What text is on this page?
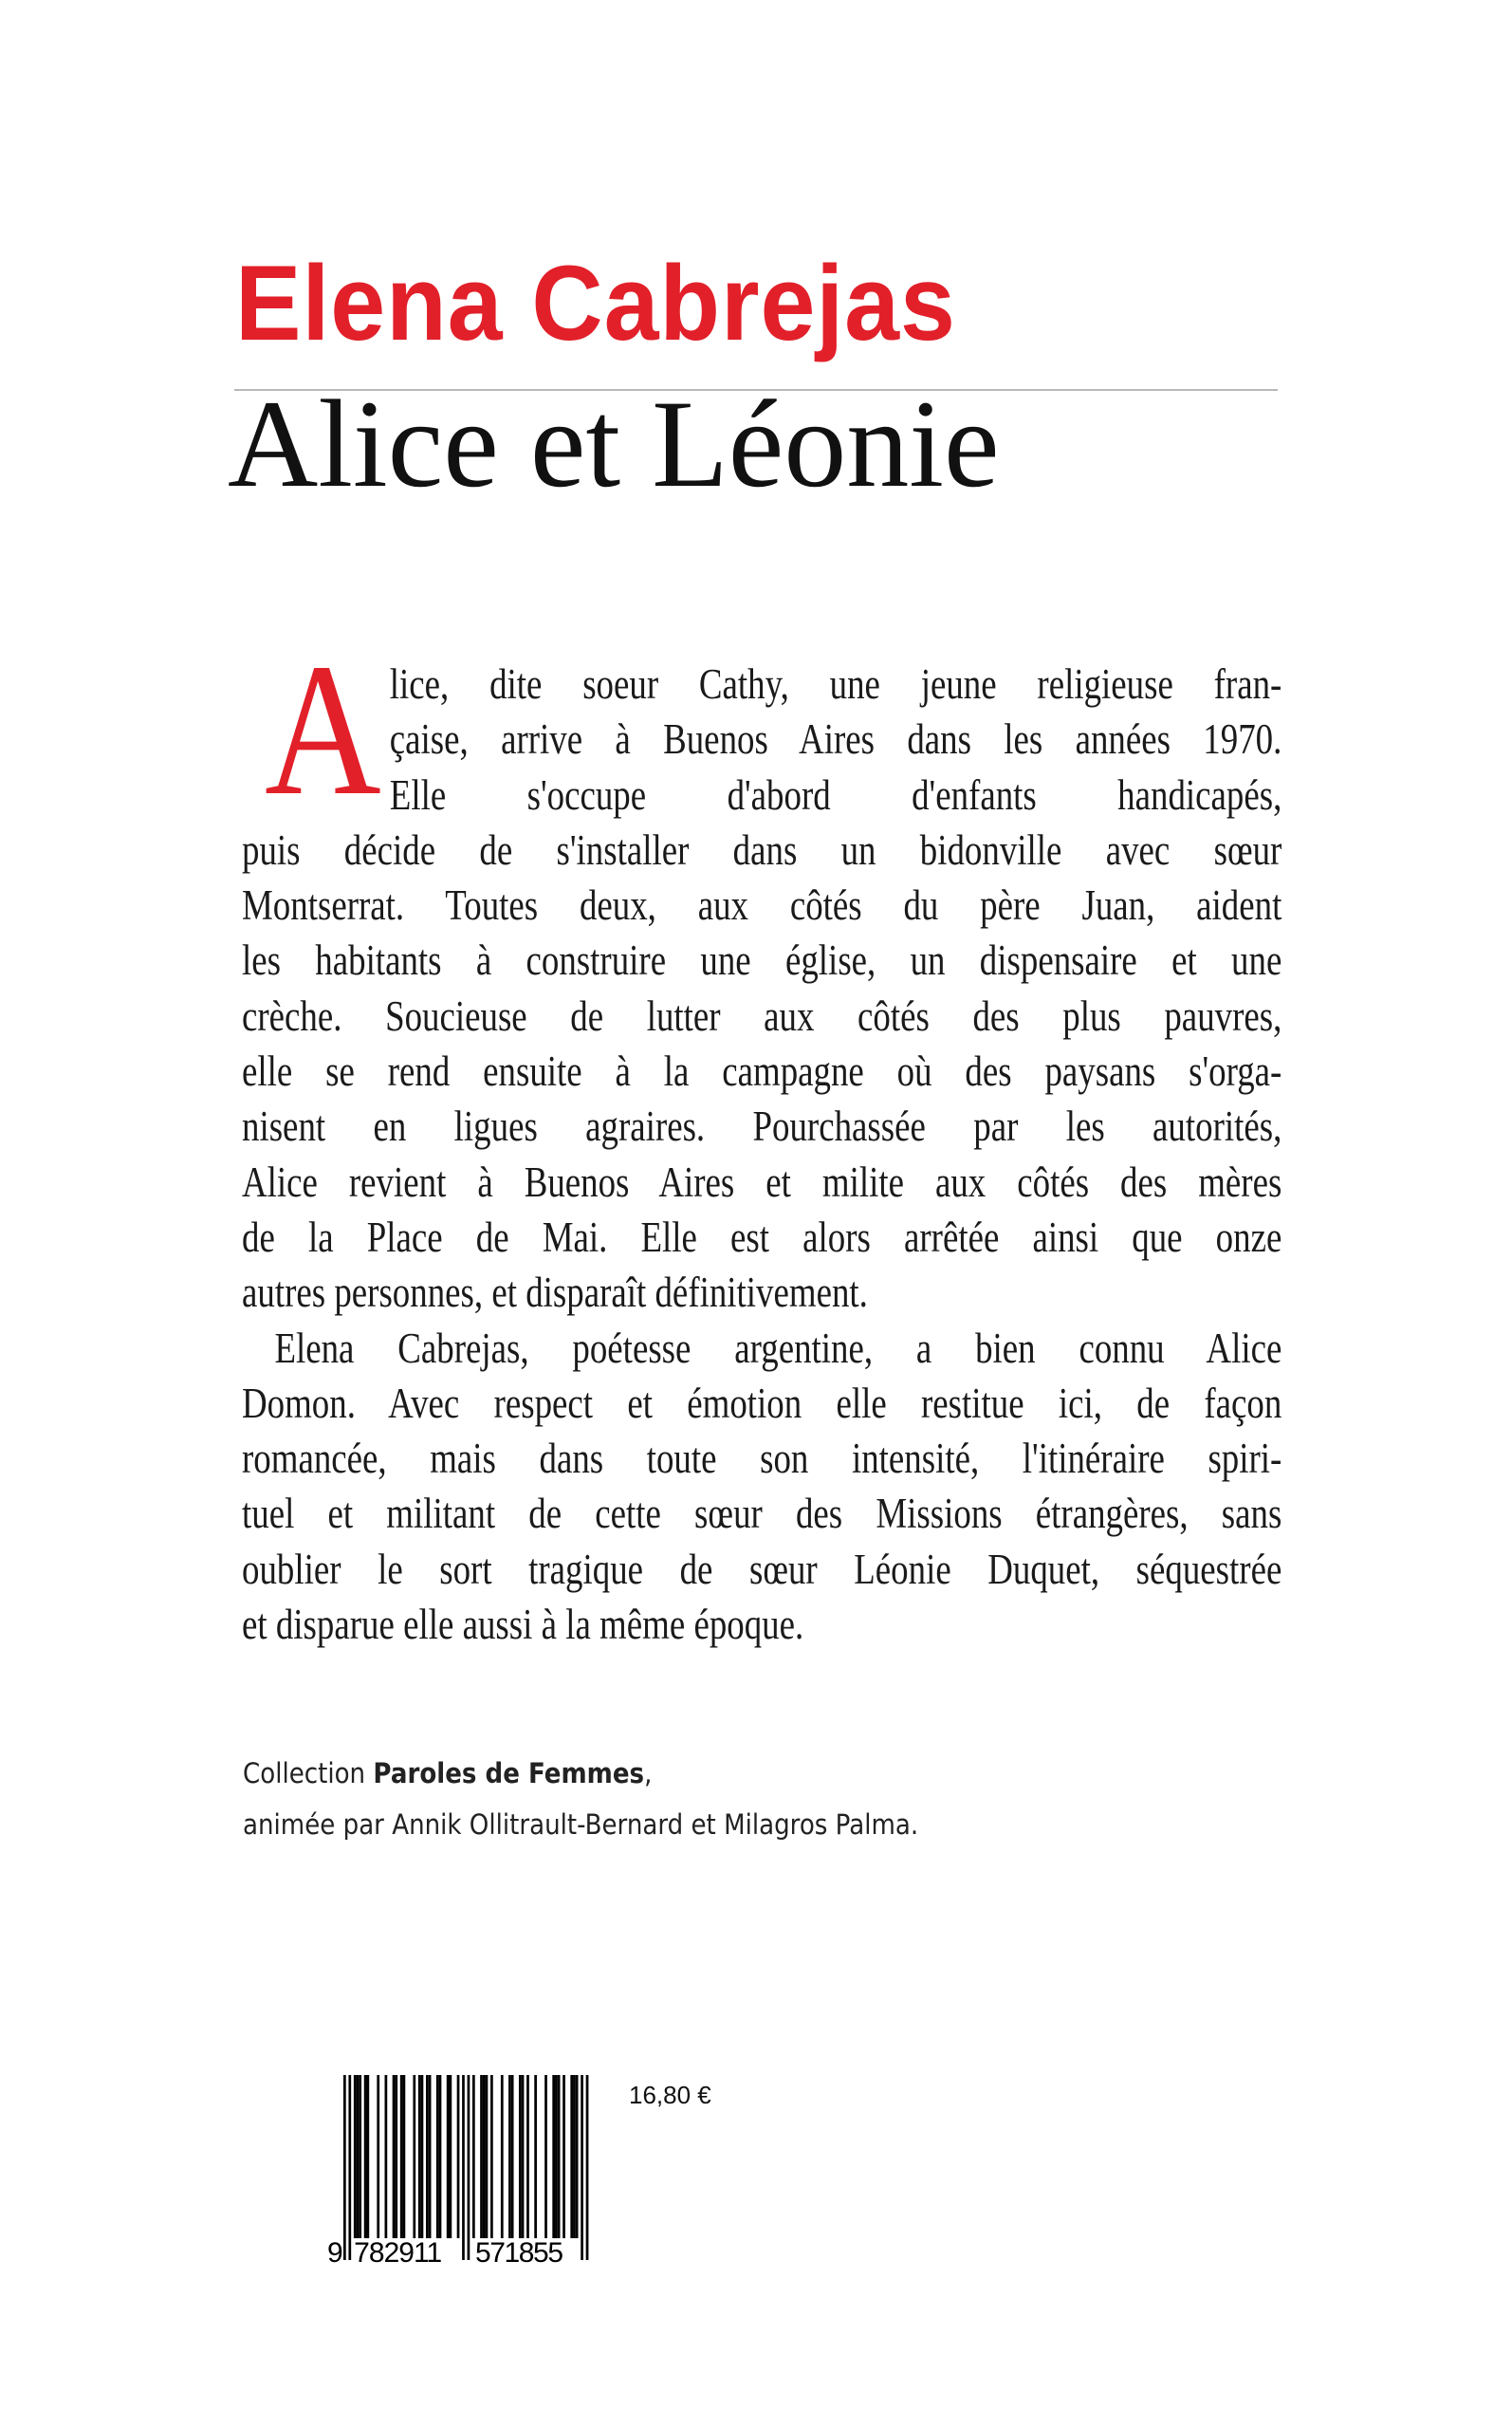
Elena Cabrejas
Alice et Léonie
A lice, dite soeur Cathy, une jeune religieuse fran-
çaise, arrive à Buenos Aires dans les années 1970.
Elle s'occupe d'abord d'enfants handicapés,
puis décide de s'installer dans un bidonville avec sœur
Montserrat. Toutes deux, aux côtés du père Juan, aident
les habitants à construire une église, un dispensaire et une
crèche. Soucieuse de lutter aux côtés des plus pauvres,
elle se rend ensuite à la campagne où des paysans s'orga-
nisent en ligues agraires. Pourchassée par les autorités,
Alice revient à Buenos Aires et milite aux côtés des mères
de la Place de Mai. Elle est alors arrêtée ainsi que onze
autres personnes, et disparaît définitivement.
Elena Cabrejas, poétesse argentine, a bien connu Alice
Domon. Avec respect et émotion elle restitue ici, de façon
romancée, mais dans toute son intensité, l'itinéraire spiri-
tuel et militant de cette sœur des Missions étrangères, sans
oublier le sort tragique de sœur Léonie Duquet, séquestrée
et disparue elle aussi à la même époque.
Collection Paroles de Femmes,
animée par Annik Ollitrault-Bernard et Milagros Palma.
9 782911 571855
16,80 €
